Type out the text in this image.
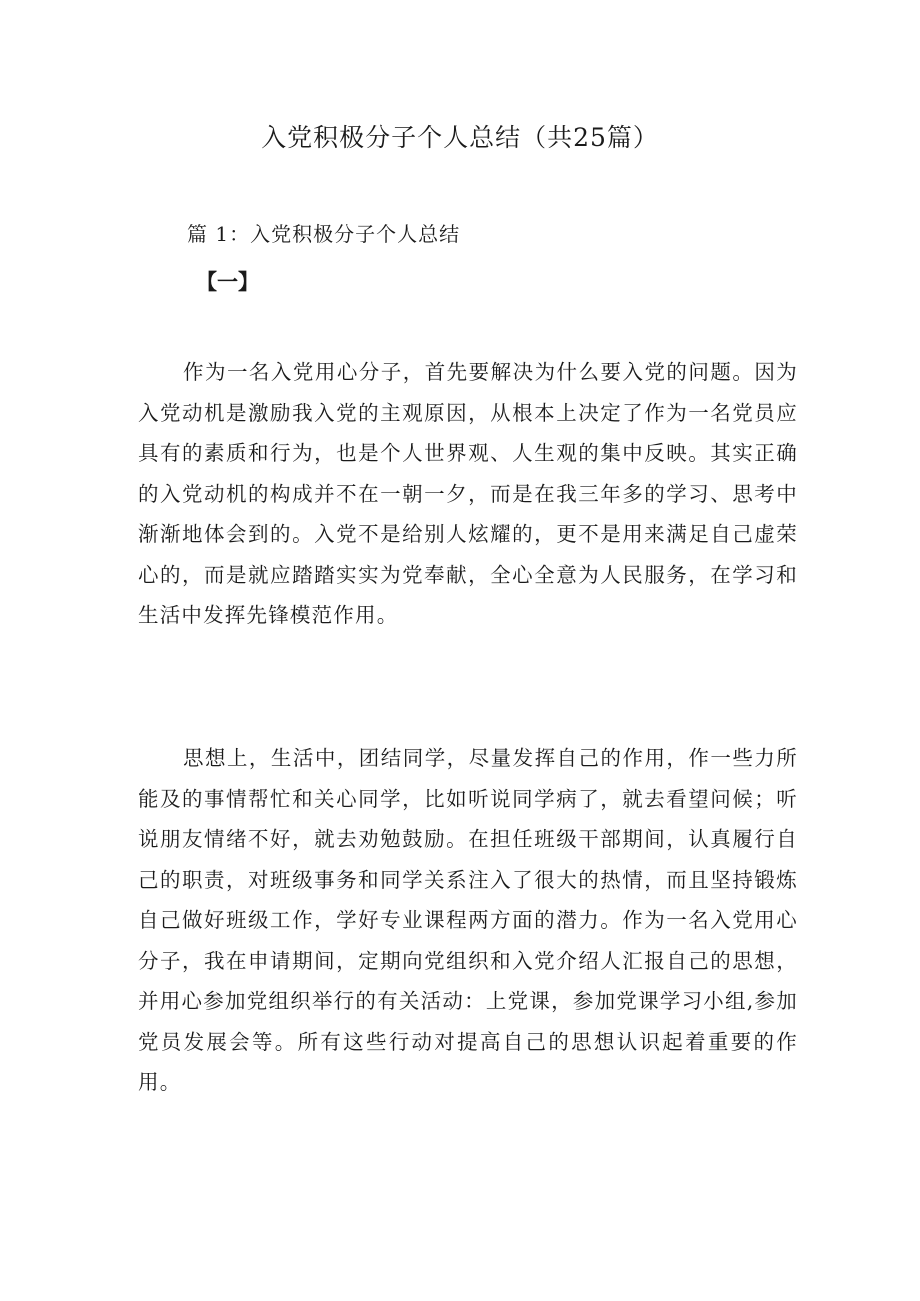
入党积极分子个人总结（共25篇）
篇 1：入党积极分子个人总结
【一】

作为一名入党用心分子，首先要解决为什么要入党的问题。因为入党动机是激励我入党的主观原因，从根本上决定了作为一名党员应具有的素质和行为，也是个人世界观、人生观的集中反映。其实正确的入党动机的构成并不在一朝一夕，而是在我三年多的学习、思考中渐渐地体会到的。入党不是给别人炫耀的，更不是用来满足自己虚荣心的，而是就应踏踏实实为党奉献，全心全意为人民服务，在学习和生活中发挥先锋模范作用。

思想上，生活中，团结同学，尽量发挥自己的作用，作一些力所能及的事情帮忙和关心同学，比如听说同学病了，就去看望问候；听说朋友情绪不好，就去劝勉鼓励。在担任班级干部期间，认真履行自己的职责，对班级事务和同学关系注入了很大的热情，而且坚持锻炼自己做好班级工作，学好专业课程两方面的潜力。作为一名入党用心分子，我在申请期间，定期向党组织和入党介绍人汇报自己的思想，并用心参加党组织举行的有关活动：上党课，参加党课学习小组,参加党员发展会等。所有这些行动对提高自己的思想认识起着重要的作用。
